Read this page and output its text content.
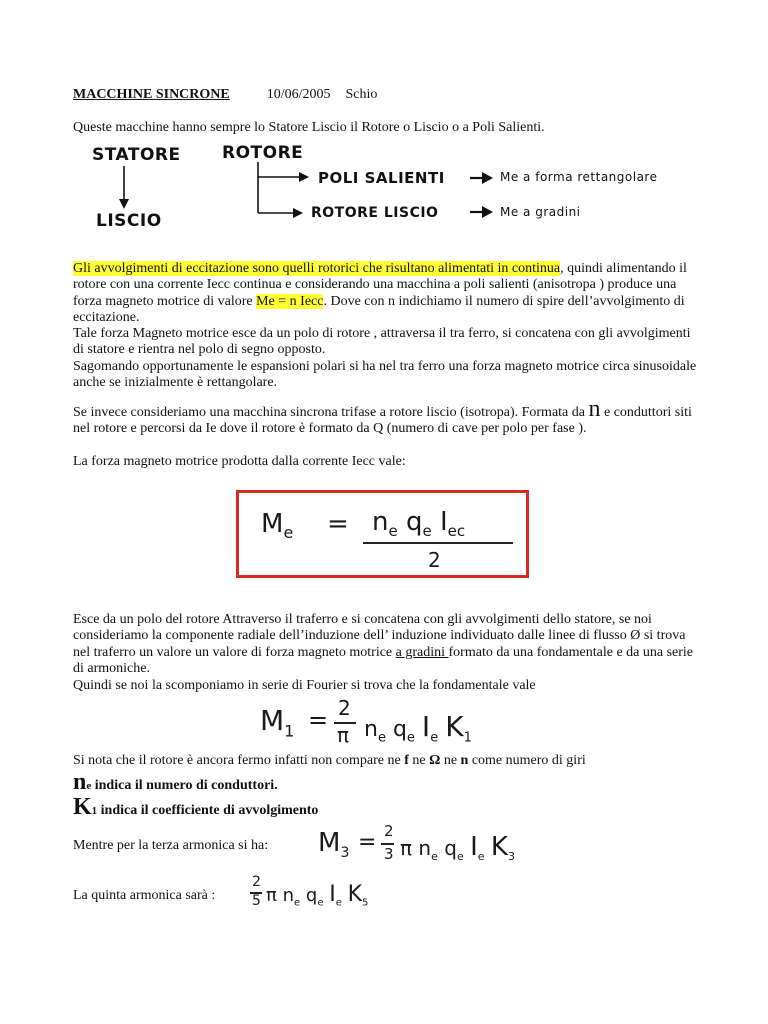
MACCHINE SINCRONE	10/06/2005 Schio
Queste macchine hanno sempre lo Statore Liscio il Rotore o Liscio o a Poli Salienti.
STATORE
LISCIO
ROTORE
POLI SALIENTI
ROTORE LISCIO
Me a forma rettangolare
Me a gradini

Gli avvolgimenti di eccitazione sono quelli rotorici che risultano alimentati in continua, quindi alimentando il rotore con una corrente Iecc continua e considerando una macchina a poli salienti (anisotropa ) produce una forza magneto motrice di valore Me = n Iecc. Dove con n indichiamo il numero di spire dell’avvolgimento di eccitazione.

Tale forza Magneto motrice esce da un polo di rotore , attraversa il tra ferro, si concatena con gli avvolgimenti di statore e rientra nel polo di segno opposto.

Sagomando opportunamente le espansioni polari si ha nel tra ferro una forza magneto motrice circa sinusoidale anche se inizialmente è rettangolare.

Se invece consideriamo una macchina sincrona trifase a rotore liscio (isotropa). Formata da n e conduttori siti nel rotore e percorsi da Ie dove il rotore è formato da Q (numero di cave per polo per fase ).

La forza magneto motrice prodotta dalla corrente Iecc vale:

$M_e = n_e$ $q_e$ $I_{ec}$
2

Esce da un polo del rotore Attraverso il traferro e si concatena con gli avvolgimenti dello statore, se noi consideriamo la componente radiale dell’induzione dell’ induzione individuato dalle linee di flusso Ø si trova nel traferro un valore un valore di forza magneto motrice a gradini formato da una fondamentale e da una serie di armoniche.

Quindi se noi la scomponiamo in serie di Fourier si trova che la fondamentale vale

$M_1 = 2$
π $n_e$ $q_e$ $I_e$ $K_1$

Si nota che il rotore è ancora fermo infatti non compare ne f ne Ω ne n come numero di giri

ne indica il numero di conduttori.

K1 indica il coefficiente di avvolgimento

Mentre per la terza armonica si ha:	$M_3 = 2$
3 π $n_e$ $q_e$ $I_e$ $K_3$

La quinta armonica sarà :

2
5 π $n_e$ $q_e$ $I_e$ $K_5$
